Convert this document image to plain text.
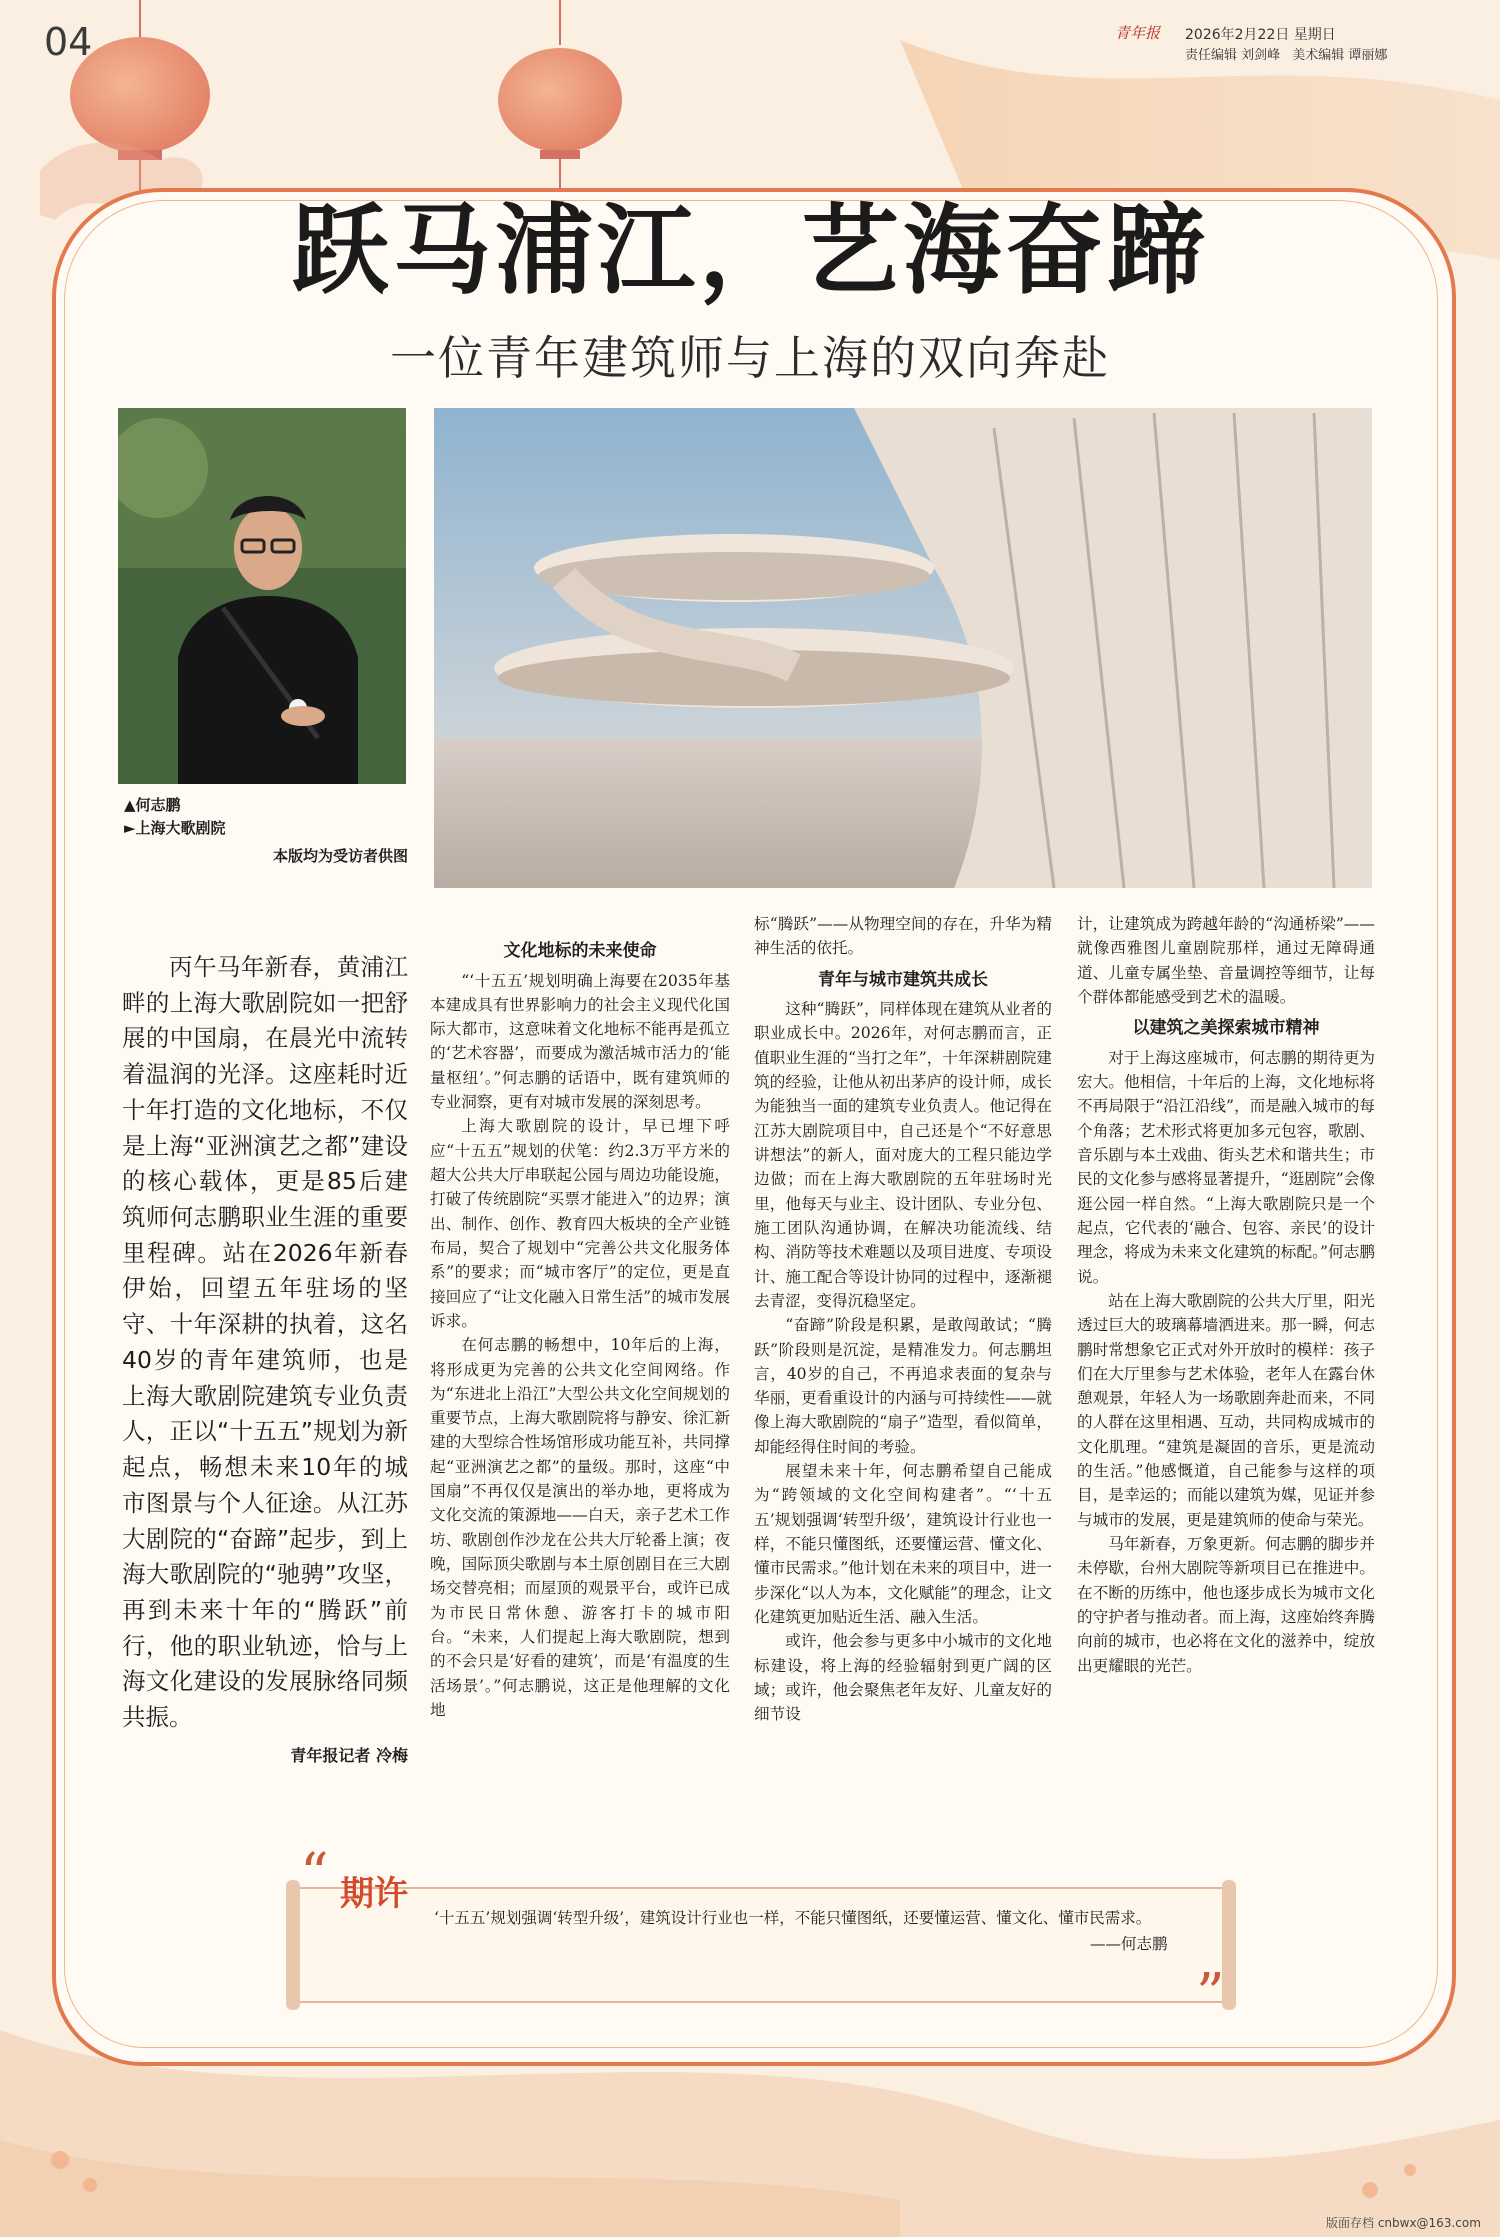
04	青年报 2026年2月22日 星期日
责任编辑 刘剑峰 美术编辑 谭丽娜
跃马浦江，艺海奋蹄
一位青年建筑师与上海的双向奔赴
▲何志鹏
►上海大歌剧院
本版均为受访者供图

丙午马年新春，黄浦江畔的上海大歌剧院如一把舒展的中国扇，在晨光中流转着温润的光泽。这座耗时近十年打造的文化地标，不仅是上海“亚洲演艺之都”建设的核心载体，更是85后建筑师何志鹏职业生涯的重要里程碑。站在2026年新春伊始，回望五年驻场的坚守、十年深耕的执着，这名40岁的青年建筑师，也是上海大歌剧院建筑专业负责人，正以“十五五”规划为新起点，畅想未来10年的城市图景与个人征途。从江苏大剧院的“奋蹄”起步，到上海大歌剧院的“驰骋”攻坚，再到未来十年的“腾跃”前行，他的职业轨迹，恰与上海文化建设的发展脉络同频共振。

青年报记者 冷梅
文化地标的未来使命

“‘十五五’规划明确上海要在2035年基本建成具有世界影响力的社会主义现代化国际大都市，这意味着文化地标不能再是孤立的‘艺术容器’，而要成为激活城市活力的‘能量枢纽’。”何志鹏的话语中，既有建筑师的专业洞察，更有对城市发展的深刻思考。

上海大歌剧院的设计，早已埋下呼应“十五五”规划的伏笔：约2.3万平方米的超大公共大厅串联起公园与周边功能设施，打破了传统剧院“买票才能进入”的边界；演出、制作、创作、教育四大板块的全产业链布局，契合了规划中“完善公共文化服务体系”的要求；而“城市客厅”的定位，更是直接回应了“让文化融入日常生活”的城市发展诉求。

在何志鹏的畅想中，10年后的上海，将形成更为完善的公共文化空间网络。作为“东进北上沿江”大型公共文化空间规划的重要节点，上海大歌剧院将与静安、徐汇新建的大型综合性场馆形成功能互补，共同撑起“亚洲演艺之都”的量级。那时，这座“中国扇”不再仅仅是演出的举办地，更将成为文化交流的策源地——白天，亲子艺术工作坊、歌剧创作沙龙在公共大厅轮番上演；夜晚，国际顶尖歌剧与本土原创剧目在三大剧场交替亮相；而屋顶的观景平台，或许已成为市民日常休憩、游客打卡的城市阳台。“未来，人们提起上海大歌剧院，想到的不会只是‘好看的建筑’，而是‘有温度的生活场景’。”何志鹏说，这正是他理解的文化地

标“腾跃”——从物理空间的存在，升华为精神生活的依托。

青年与城市建筑共成长

这种“腾跃”，同样体现在建筑从业者的职业成长中。2026年，对何志鹏而言，正值职业生涯的“当打之年”，十年深耕剧院建筑的经验，让他从初出茅庐的设计师，成长为能独当一面的建筑专业负责人。他记得在江苏大剧院项目中，自己还是个“不好意思讲想法”的新人，面对庞大的工程只能边学边做；而在上海大歌剧院的五年驻场时光里，他每天与业主、设计团队、专业分包、施工团队沟通协调，在解决功能流线、结构、消防等技术难题以及项目进度、专项设计、施工配合等设计协同的过程中，逐渐褪去青涩，变得沉稳坚定。

“奋蹄”阶段是积累，是敢闯敢试；“腾跃”阶段则是沉淀，是精准发力。何志鹏坦言，40岁的自己，不再追求表面的复杂与华丽，更看重设计的内涵与可持续性——就像上海大歌剧院的“扇子”造型，看似简单，却能经得住时间的考验。

展望未来十年，何志鹏希望自己能成为“跨领域的文化空间构建者”。“‘十五五’规划强调‘转型升级’，建筑设计行业也一样，不能只懂图纸，还要懂运营、懂文化、懂市民需求。”他计划在未来的项目中，进一步深化“以人为本，文化赋能”的理念，让文化建筑更加贴近生活、融入生活。

或许，他会参与更多中小城市的文化地标建设，将上海的经验辐射到更广阔的区域；或许，他会聚焦老年友好、儿童友好的细节设

计，让建筑成为跨越年龄的“沟通桥梁”——就像西雅图儿童剧院那样，通过无障碍通道、儿童专属坐垫、音量调控等细节，让每个群体都能感受到艺术的温暖。

以建筑之美探索城市精神

对于上海这座城市，何志鹏的期待更为宏大。他相信，十年后的上海，文化地标将不再局限于“沿江沿线”，而是融入城市的每个角落；艺术形式将更加多元包容，歌剧、音乐剧与本土戏曲、街头艺术和谐共生；市民的文化参与感将显著提升，“逛剧院”会像逛公园一样自然。“上海大歌剧院只是一个起点，它代表的‘融合、包容、亲民’的设计理念，将成为未来文化建筑的标配。”何志鹏说。

站在上海大歌剧院的公共大厅里，阳光透过巨大的玻璃幕墙洒进来。那一瞬，何志鹏时常想象它正式对外开放时的模样：孩子们在大厅里参与艺术体验，老年人在露台休憩观景，年轻人为一场歌剧奔赴而来，不同的人群在这里相遇、互动，共同构成城市的文化肌理。“建筑是凝固的音乐，更是流动的生活。”他感慨道，自己能参与这样的项目，是幸运的；而能以建筑为媒，见证并参与城市的发展，更是建筑师的使命与荣光。

马年新春，万象更新。何志鹏的脚步并未停歇，台州大剧院等新项目已在推进中。在不断的历练中，他也逐步成长为城市文化的守护者与推动者。而上海，这座始终奔腾向前的城市，也必将在文化的滋养中，绽放出更耀眼的光芒。

“ 期许
‘十五五’规划强调‘转型升级’，建筑设计行业也一样，不能只懂图纸，还要懂运营、懂文化、懂市民需求。
——何志鹏
”
版面存档 cnbwx@163.com
